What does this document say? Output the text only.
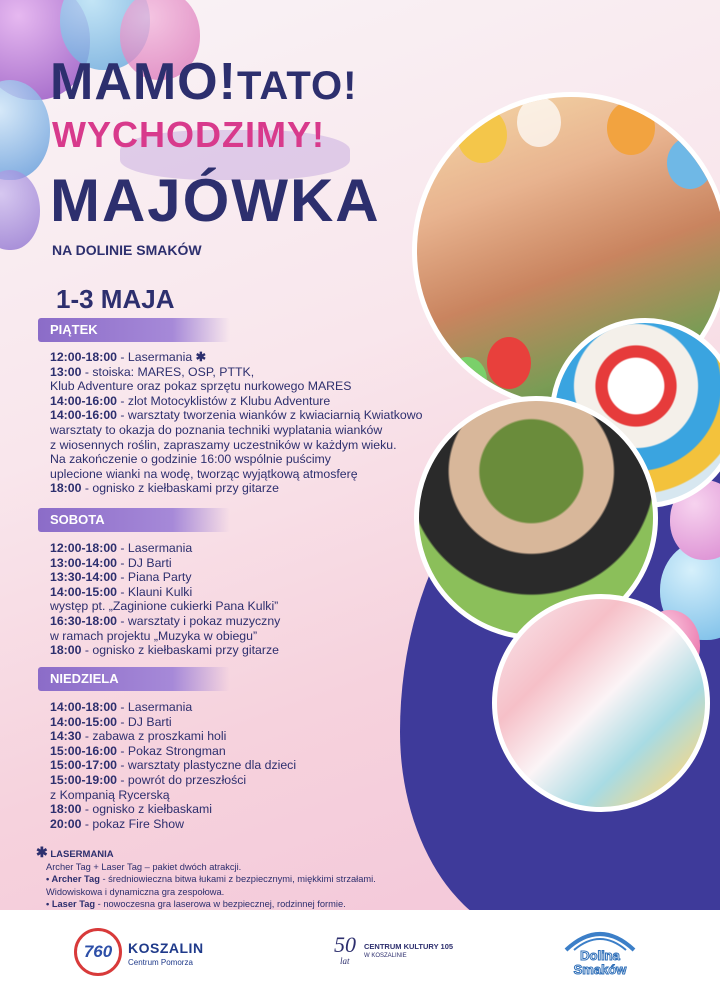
MAMO!TATO!
WYCHODZIMY!
MAJÓWKA
NA DOLINIE SMAKÓW
1-3 MAJA
PIĄTEK
12:00-18:00 - Lasermania ✱
13:00 - stoiska: MARES, OSP, PTTK,
Klub Adventure oraz pokaz sprzętu nurkowego MARES
14:00-16:00 - zlot Motocyklistów z Klubu Adventure
14:00-16:00 - warsztaty tworzenia wianków z kwiaciarnią Kwiatkowo
warsztaty to okazja do poznania techniki wyplatania wianków
z wiosennych roślin, zapraszamy uczestników w każdym wieku.
Na zakończenie o godzinie 16:00 wspólnie puścimy
uplecione wianki na wodę, tworząc wyjątkową atmosferę
18:00 - ognisko z kiełbaskami przy gitarze
SOBOTA
12:00-18:00 - Lasermania
13:00-14:00 - DJ Barti
13:30-14:00 - Piana Party
14:00-15:00 - Klauni Kulki
występ pt. „Zaginione cukierki Pana Kulki”
16:30-18:00 - warsztaty i pokaz muzyczny
w ramach projektu „Muzyka w obiegu”
18:00 - ognisko z kiełbaskami przy gitarze
NIEDZIELA
14:00-18:00 - Lasermania
14:00-15:00 - DJ Barti
14:30 - zabawa z proszkami holi
15:00-16:00 - Pokaz Strongman
15:00-17:00 - warsztaty plastyczne dla dzieci
15:00-19:00 - powrót do przeszłości
z Kompanią Rycerską
18:00 - ognisko z kiełbaskami
20:00 - pokaz Fire Show
✱ LASERMANIA
Archer Tag + Laser Tag – pakiet dwóch atrakcji.
• Archer Tag - średniowieczna bitwa łukami z bezpiecznymi, miękkimi strzałami.
Widowiskowa i dynamiczna gra zespołowa.
• Laser Tag - nowoczesna gra laserowa w bezpiecznej, rodzinnej formie.
760	KOSZALIN
Centrum Pomorza
50
lat
CENTRUM KULTURY 105
W KOSZALINIE	Dolina
Smaków
